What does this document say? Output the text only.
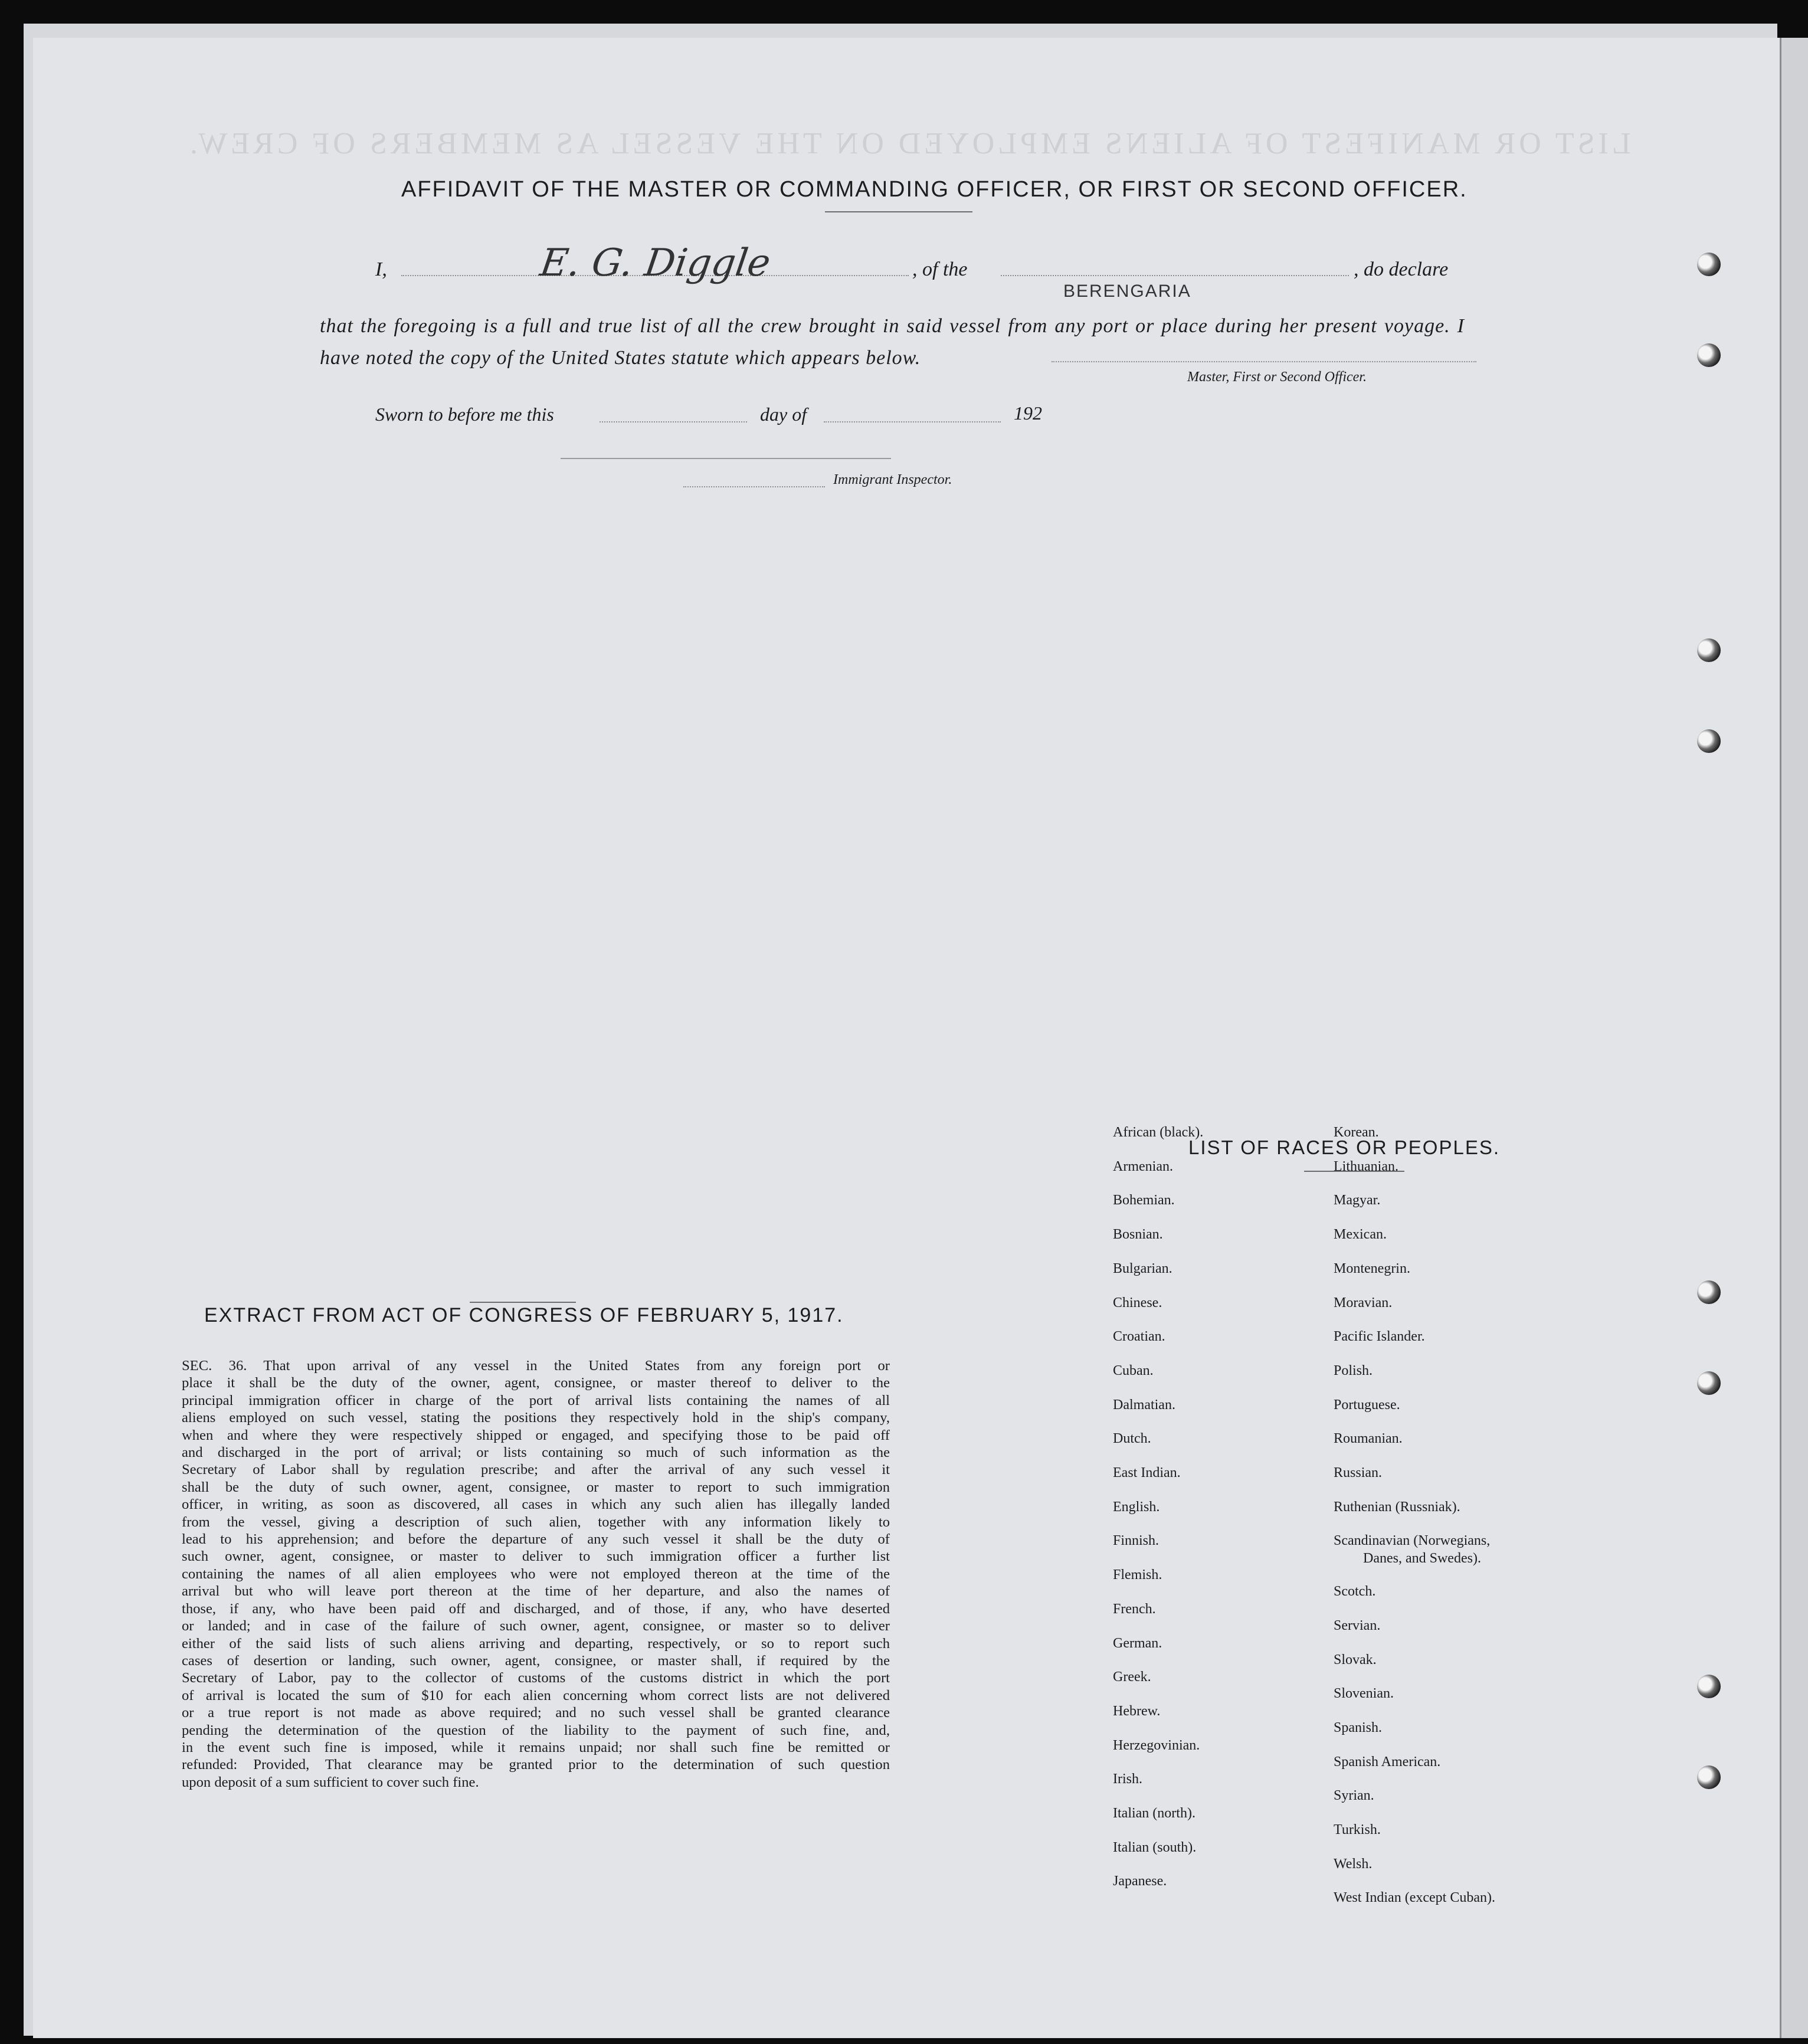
LIST OR MANIFEST OF ALIENS EMPLOYED ON THE VESSEL AS MEMBERS OF CREW.
AFFIDAVIT OF THE MASTER OR COMMANDING OFFICER, OR FIRST OR SECOND OFFICER.
I,	E. G. Diggle	, of the
BERENGARIA
, do declare
that the foregoing is a full and true list of all the crew brought in said vessel from any port or place during her present voyage. I have noted the copy of the United States statute which appears below.
Master, First or Second Officer.
Sworn to before me this	day of	192
Immigrant Inspector.
EXTRACT FROM ACT OF CONGRESS OF FEBRUARY 5, 1917.
SEC. 36. That upon arrival of any vessel in the United States from any foreign port or
place it shall be the duty of the owner, agent, consignee, or master thereof to deliver to the
principal immigration officer in charge of the port of arrival lists containing the names of all
aliens employed on such vessel, stating the positions they respectively hold in the ship's company,
when and where they were respectively shipped or engaged, and specifying those to be paid off
and discharged in the port of arrival; or lists containing so much of such information as the
Secretary of Labor shall by regulation prescribe; and after the arrival of any such vessel it
shall be the duty of such owner, agent, consignee, or master to report to such immigration
officer, in writing, as soon as discovered, all cases in which any such alien has illegally landed
from the vessel, giving a description of such alien, together with any information likely to
lead to his apprehension; and before the departure of any such vessel it shall be the duty of
such owner, agent, consignee, or master to deliver to such immigration officer a further list
containing the names of all alien employees who were not employed thereon at the time of the
arrival but who will leave port thereon at the time of her departure, and also the names of
those, if any, who have been paid off and discharged, and of those, if any, who have deserted
or landed; and in case of the failure of such owner, agent, consignee, or master so to deliver
either of the said lists of such aliens arriving and departing, respectively, or so to report such
cases of desertion or landing, such owner, agent, consignee, or master shall, if required by the
Secretary of Labor, pay to the collector of customs of the customs district in which the port
of arrival is located the sum of $10 for each alien concerning whom correct lists are not delivered
or a true report is not made as above required; and no such vessel shall be granted clearance
pending the determination of the question of the liability to the payment of such fine, and,
in the event such fine is imposed, while it remains unpaid; nor shall such fine be remitted or
refunded: Provided, That clearance may be granted prior to the determination of such question
upon deposit of a sum sufficient to cover such fine.
LIST OF RACES OR PEOPLES.
African (black).
Armenian.
Bohemian.
Bosnian.
Bulgarian.
Chinese.
Croatian.
Cuban.
Dalmatian.
Dutch.
East Indian.
English.
Finnish.
Flemish.
French.
German.
Greek.
Hebrew.
Herzegovinian.
Irish.
Italian (north).
Italian (south).
Japanese.
Korean.
Lithuanian.
Magyar.
Mexican.
Montenegrin.
Moravian.
Pacific Islander.
Polish.
Portuguese.
Roumanian.
Russian.
Ruthenian (Russniak).
Scandinavian (Norwegians,
Danes, and Swedes).
Scotch.
Servian.
Slovak.
Slovenian.
Spanish.
Spanish American.
Syrian.
Turkish.
Welsh.
West Indian (except Cuban).
